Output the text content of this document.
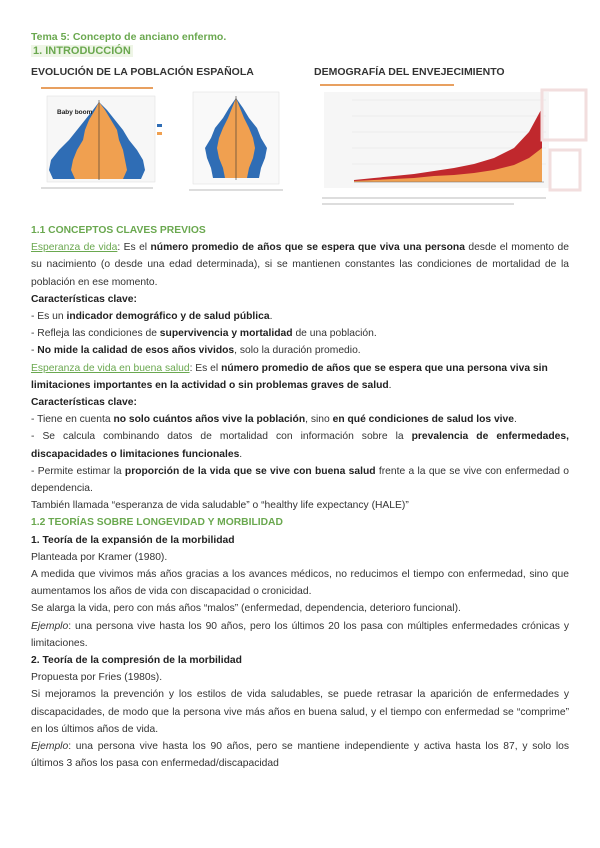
Tema 5: Concepto de anciano enfermo.
1. INTRODUCCIÓN
EVOLUCIÓN DE LA POBLACIÓN ESPAÑOLA	DEMOGRAFÍA DEL ENVEJECIMIENTO
Baby boom

1.1 CONCEPTOS CLAVES PREVIOS

Esperanza de vida: Es el número promedio de años que se espera que viva una persona desde el momento de su nacimiento (o desde una edad determinada), si se mantienen constantes las condiciones de mortalidad de la población en ese momento.

Características clave:

- Es un indicador demográfico y de salud pública.

- Refleja las condiciones de supervivencia y mortalidad de una población.

- No mide la calidad de esos años vividos, solo la duración promedio.

Esperanza de vida en buena salud: Es el número promedio de años que se espera que una persona viva sin limitaciones importantes en la actividad o sin problemas graves de salud.

Características clave:

- Tiene en cuenta no solo cuántos años vive la población, sino en qué condiciones de salud los vive.

- Se calcula combinando datos de mortalidad con información sobre la prevalencia de enfermedades, discapacidades o limitaciones funcionales.

- Permite estimar la proporción de la vida que se vive con buena salud frente a la que se vive con enfermedad o dependencia.

También llamada “esperanza de vida saludable” o “healthy life expectancy (HALE)”

1.2 TEORÍAS SOBRE LONGEVIDAD Y MORBILIDAD

1. Teoría de la expansión de la morbilidad

Planteada por Kramer (1980).

A medida que vivimos más años gracias a los avances médicos, no reducimos el tiempo con enfermedad, sino que aumentamos los años de vida con discapacidad o cronicidad.

Se alarga la vida, pero con más años “malos” (enfermedad, dependencia, deterioro funcional).

Ejemplo: una persona vive hasta los 90 años, pero los últimos 20 los pasa con múltiples enfermedades crónicas y limitaciones.

2. Teoría de la compresión de la morbilidad

Propuesta por Fries (1980s).

Si mejoramos la prevención y los estilos de vida saludables, se puede retrasar la aparición de enfermedades y discapacidades, de modo que la persona vive más años en buena salud, y el tiempo con enfermedad se “comprime” en los últimos años de vida.

Ejemplo: una persona vive hasta los 90 años, pero se mantiene independiente y activa hasta los 87, y solo los últimos 3 años los pasa con enfermedad/discapacidad
